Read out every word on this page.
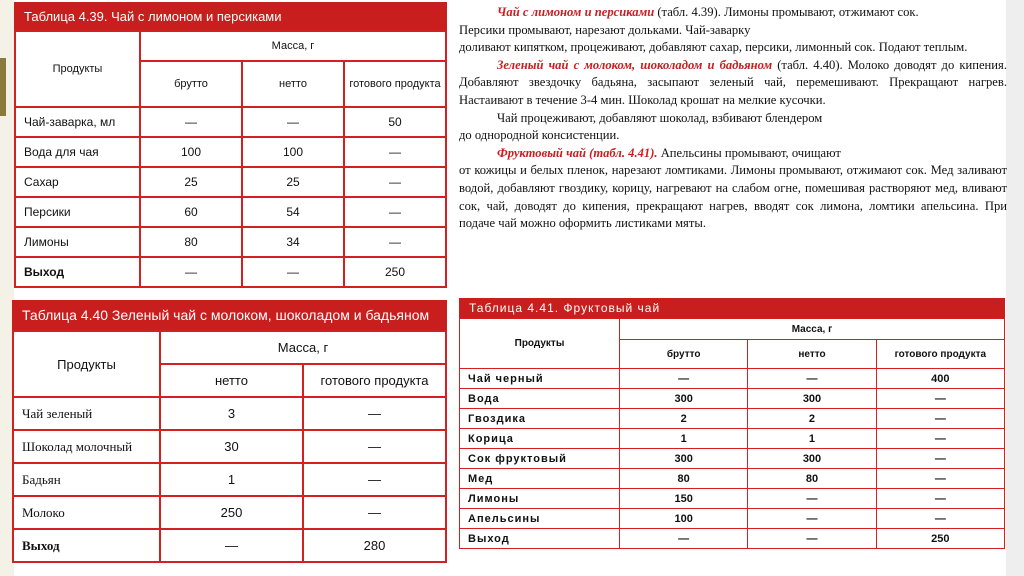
Таблица 4.39. Чай с лимоном и персиками
Продукты	Масса, г		
	брутто	нетто	готового продукта
Чай-заварка, мл	—	—	50
Вода для чая	100	100	—
Сахар	25	25	—
Персики	60	54	—
Лимоны	80	34	—
Выход	—	—	250
Таблица 4.40 Зеленый чай с молоком, шоколадом и бадьяном
Продукты	Масса, г	
	нетто	готового продукта
Чай зеленый	3	—
Шоколад молочный	30	—
Бадьян	1	—
Молоко	250	—
Выход	—	280
Таблица 4.41. Фруктовый чай
Продукты	Масса, г		
	брутто	нетто	готового продукта
Чай черный	—	—	400
Вода	300	300	—
Гвоздика	2	2	—
Корица	1	1	—
Сок фруктовый	300	300	—
Мед	80	80	—
Лимоны	150	—	—
Апельсины	100	—	—
Выход	—	—	250

Чай с лимоном и персиками (табл. 4.39). Лимоны промывают, отжимают сок.

Персики промывают, нарезают дольками. Чай-заварку

доливают кипятком, процеживают, добавляют сахар, персики, лимонный сок. Подают теплым.

Зеленый чай с молоком, шоколадом и бадьяном (табл. 4.40). Молоко доводят до кипения. Добавляют звездочку бадьяна, засыпают зеленый чай, перемешивают. Прекращают нагрев. Настаивают в течение 3-4 мин. Шоколад крошат на мелкие кусочки.

Чай процеживают, добавляют шоколад, взбивают блендером

до однородной консистенции.

Фруктовый чай (табл. 4.41). Апельсины промывают, очищают

от кожицы и белых пленок, нарезают ломтиками. Лимоны промывают, отжимают сок. Мед заливают водой, добавляют гвоздику, корицу, нагревают на слабом огне, помешивая растворяют мед, вливают сок, чай, доводят до кипения, прекращают нагрев, вводят сок лимона, ломтики апельсина. При подаче чай можно оформить листиками мяты.
